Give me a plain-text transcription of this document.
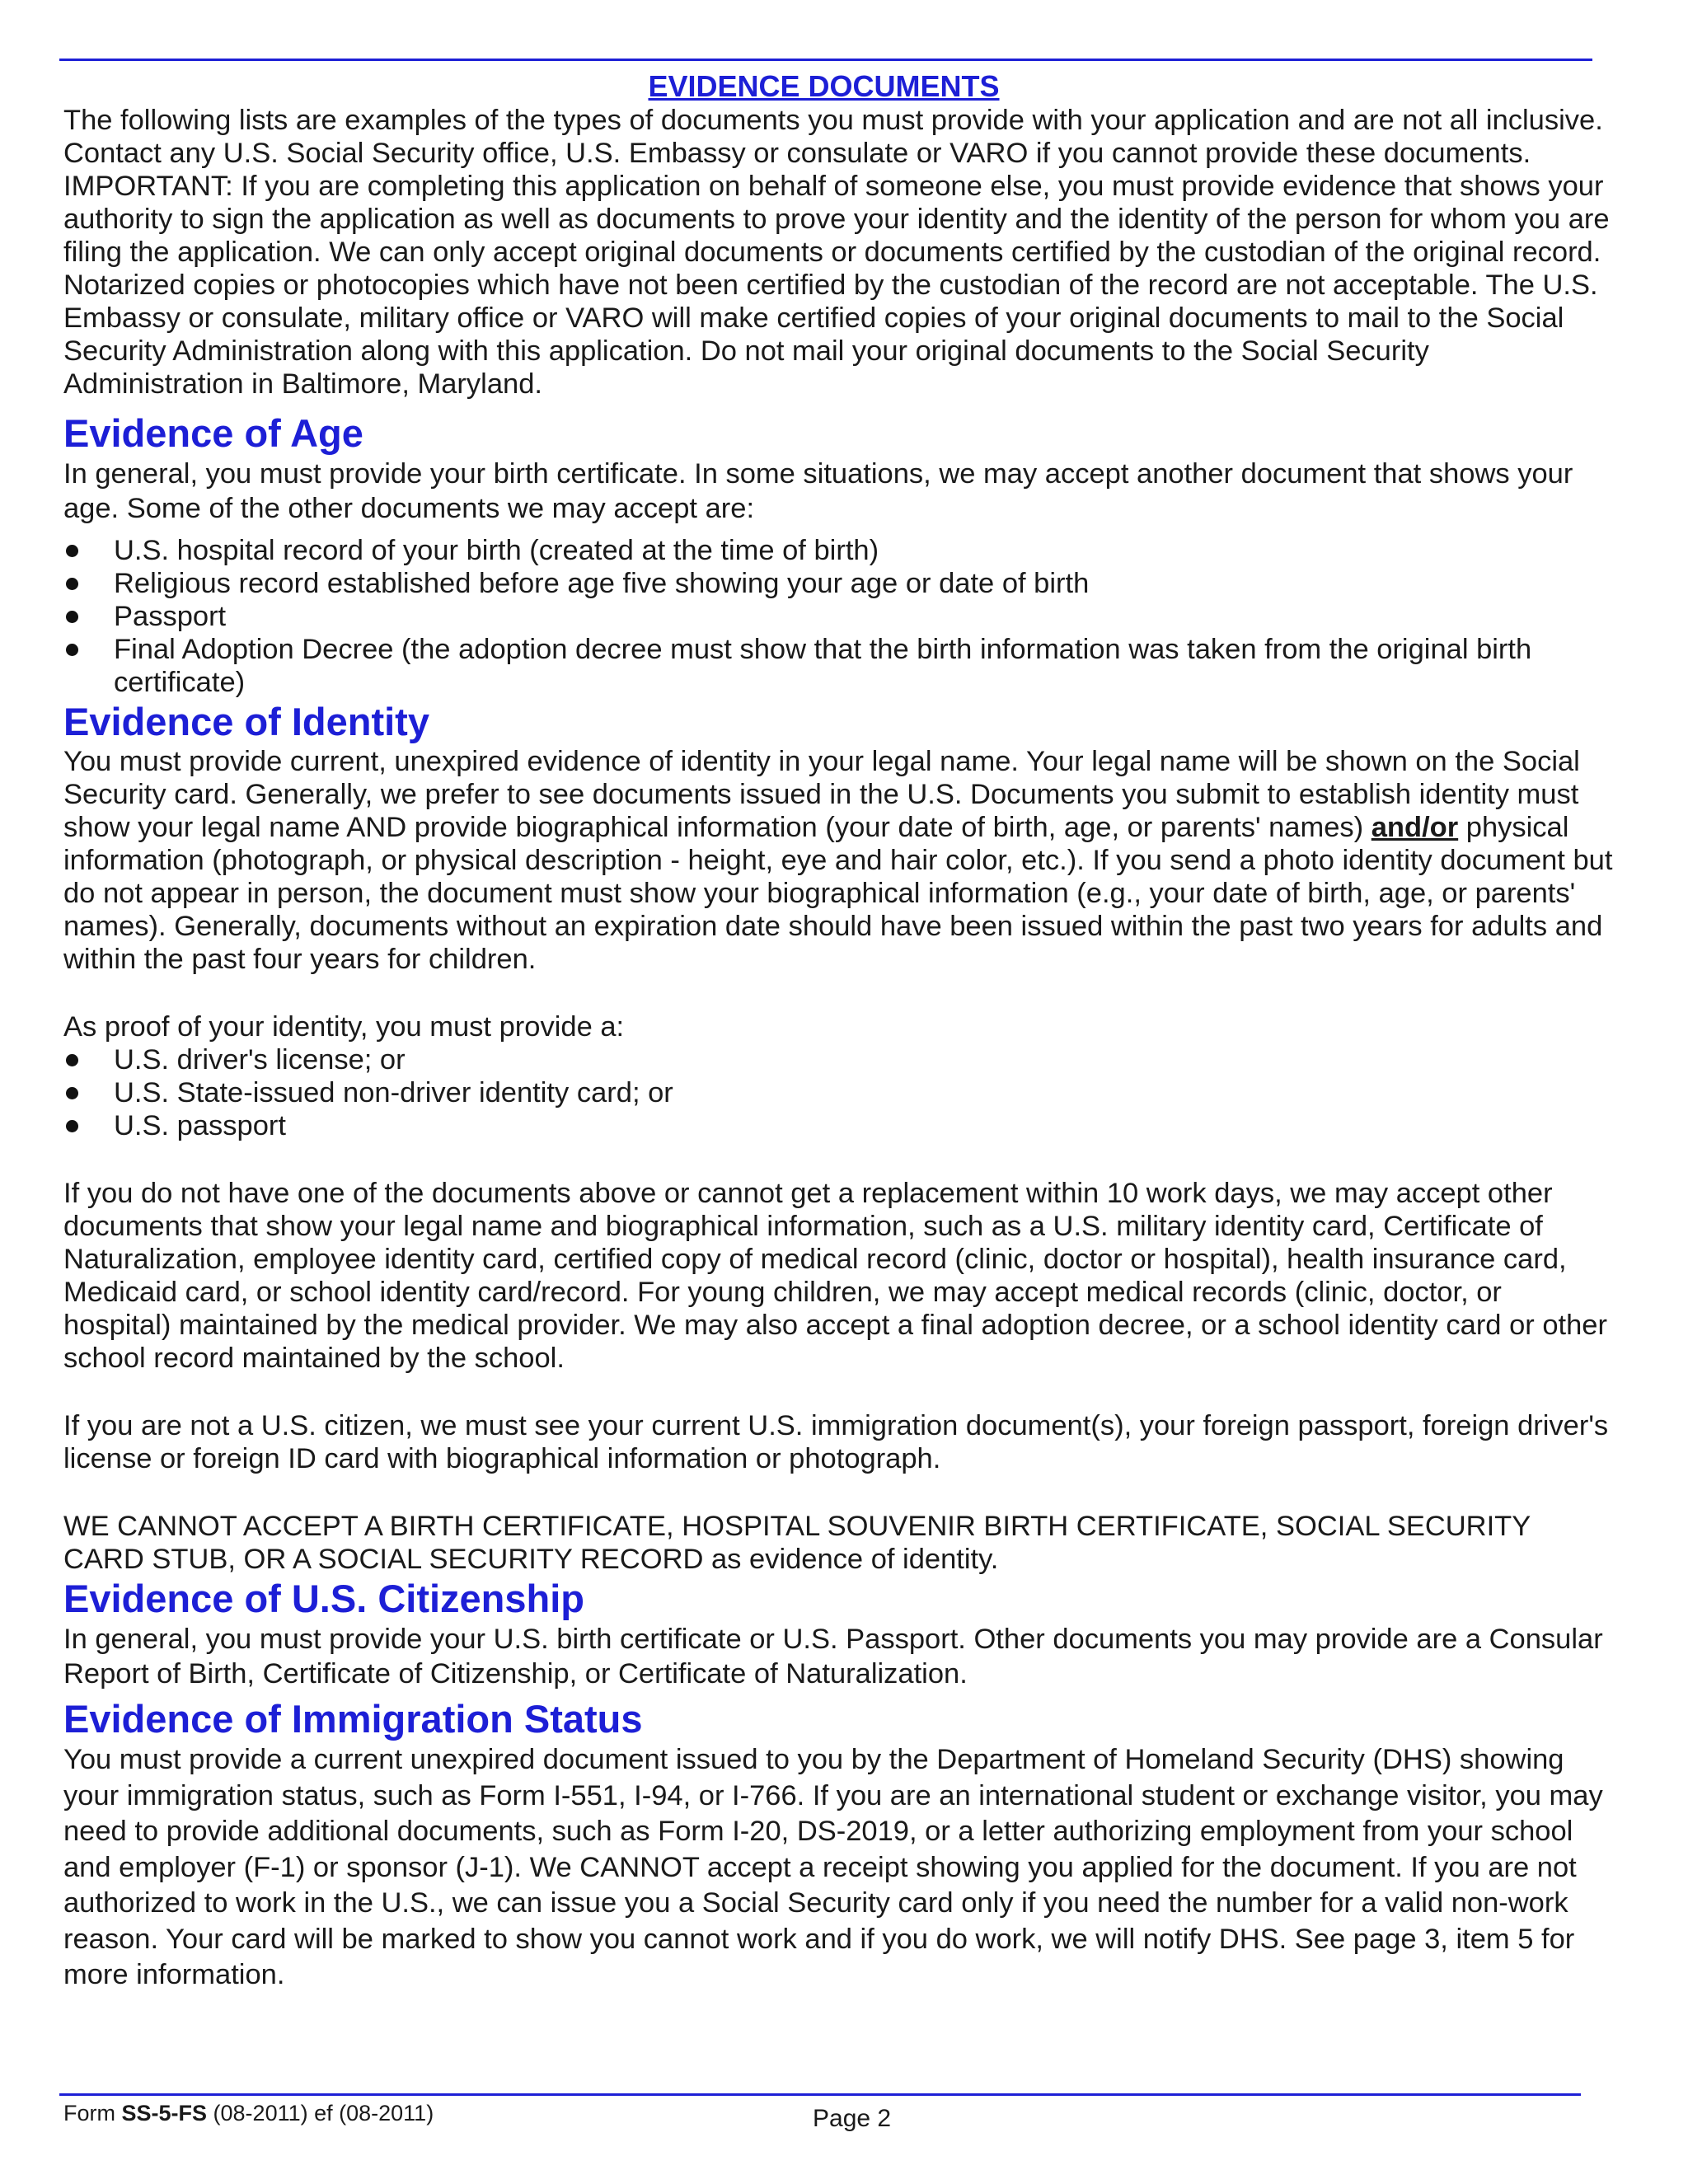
EVIDENCE DOCUMENTS

The following lists are examples of the types of documents you must provide with your application and are not all inclusive. Contact any U.S. Social Security office, U.S. Embassy or consulate or VARO if you cannot provide these documents.

IMPORTANT: If you are completing this application on behalf of someone else, you must provide evidence that shows your authority to sign the application as well as documents to prove your identity and the identity of the person for whom you are filing the application. We can only accept original documents or documents certified by the custodian of the original record. Notarized copies or photocopies which have not been certified by the custodian of the record are not acceptable. The U.S. Embassy or consulate, military office or VARO will make certified copies of your original documents to mail to the Social Security Administration along with this application. Do not mail your original documents to the Social Security Administration in Baltimore, Maryland.

Evidence of Age

In general, you must provide your birth certificate. In some situations, we may accept another document that shows your age. Some of the other documents we may accept are:

U.S. hospital record of your birth (created at the time of birth)
Religious record established before age five showing your age or date of birth
Passport
Final Adoption Decree (the adoption decree must show that the birth information was taken from the original birth certificate)
Evidence of Identity

You must provide current, unexpired evidence of identity in your legal name. Your legal name will be shown on the Social Security card. Generally, we prefer to see documents issued in the U.S. Documents you submit to establish identity must show your legal name AND provide biographical information (your date of birth, age, or parents' names) and/or physical information (photograph, or physical description - height, eye and hair color, etc.). If you send a photo identity document but do not appear in person, the document must show your biographical information (e.g., your date of birth, age, or parents' names). Generally, documents without an expiration date should have been issued within the past two years for adults and within the past four years for children.

As proof of your identity, you must provide a:

U.S. driver's license; or
U.S. State-issued non-driver identity card; or
U.S. passport

If you do not have one of the documents above or cannot get a replacement within 10 work days, we may accept other documents that show your legal name and biographical information, such as a U.S. military identity card, Certificate of Naturalization, employee identity card, certified copy of medical record (clinic, doctor or hospital), health insurance card, Medicaid card, or school identity card/record. For young children, we may accept medical records (clinic, doctor, or hospital) maintained by the medical provider. We may also accept a final adoption decree, or a school identity card or other school record maintained by the school.

If you are not a U.S. citizen, we must see your current U.S. immigration document(s), your foreign passport, foreign driver's license or foreign ID card with biographical information or photograph.

WE CANNOT ACCEPT A BIRTH CERTIFICATE, HOSPITAL SOUVENIR BIRTH CERTIFICATE, SOCIAL SECURITY CARD STUB, OR A SOCIAL SECURITY RECORD as evidence of identity.

Evidence of U.S. Citizenship

In general, you must provide your U.S. birth certificate or U.S. Passport. Other documents you may provide are a Consular Report of Birth, Certificate of Citizenship, or Certificate of Naturalization.

Evidence of Immigration Status

You must provide a current unexpired document issued to you by the Department of Homeland Security (DHS) showing your immigration status, such as Form I-551, I-94, or I-766. If you are an international student or exchange visitor, you may need to provide additional documents, such as Form I-20, DS-2019, or a letter authorizing employment from your school and employer (F-1) or sponsor (J-1). We CANNOT accept a receipt showing you applied for the document. If you are not authorized to work in the U.S., we can issue you a Social Security card only if you need the number for a valid non-work reason. Your card will be marked to show you cannot work and if you do work, we will notify DHS. See page 3, item 5 for more information.

Form SS-5-FS (08-2011) ef (08-2011)	Page 2
